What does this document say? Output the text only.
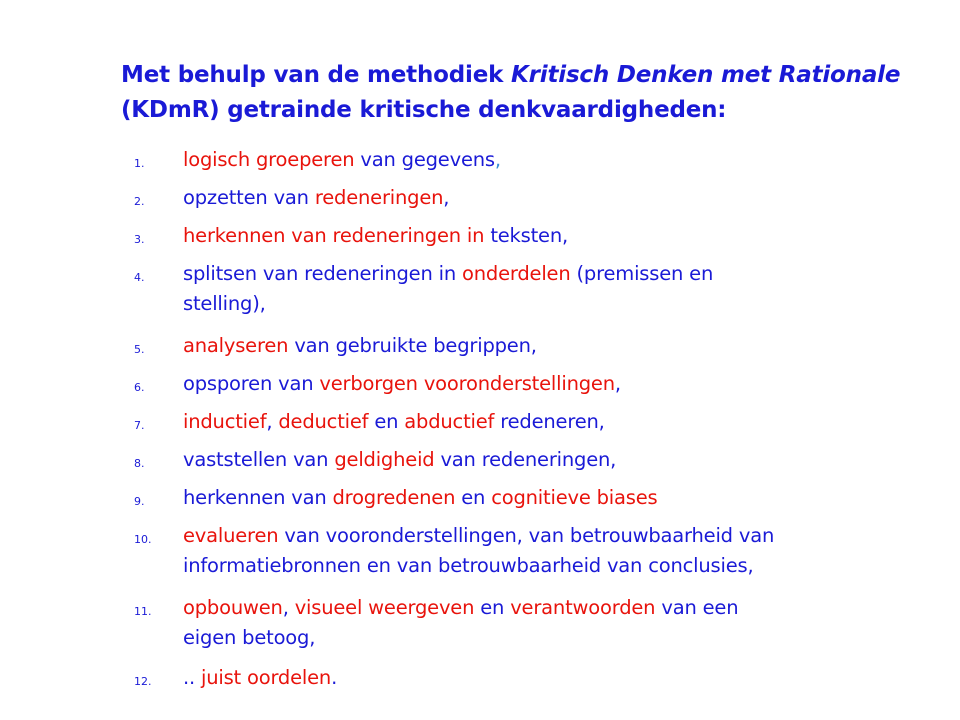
Met behulp van de methodiek Kritisch Denken met Rationale
(KDmR) getrainde kritische denkvaardigheden:
1.	logisch groeperen van gegevens,
2.	opzetten van redeneringen,
3.	herkennen van redeneringen in teksten,
4.	splitsen van redeneringen in onderdelen (premissen en
stelling),
5.	analyseren van gebruikte begrippen,
6.	opsporen van verborgen vooronderstellingen,
7.	inductief, deductief en abductief redeneren,
8.	vaststellen van geldigheid van redeneringen,
9.	herkennen van drogredenen en cognitieve biases
10.	evalueren van vooronderstellingen, van betrouwbaarheid van
informatiebronnen en van betrouwbaarheid van conclusies,
11.	opbouwen, visueel weergeven en verantwoorden van een
eigen betoog,
12.	.. juist oordelen.
